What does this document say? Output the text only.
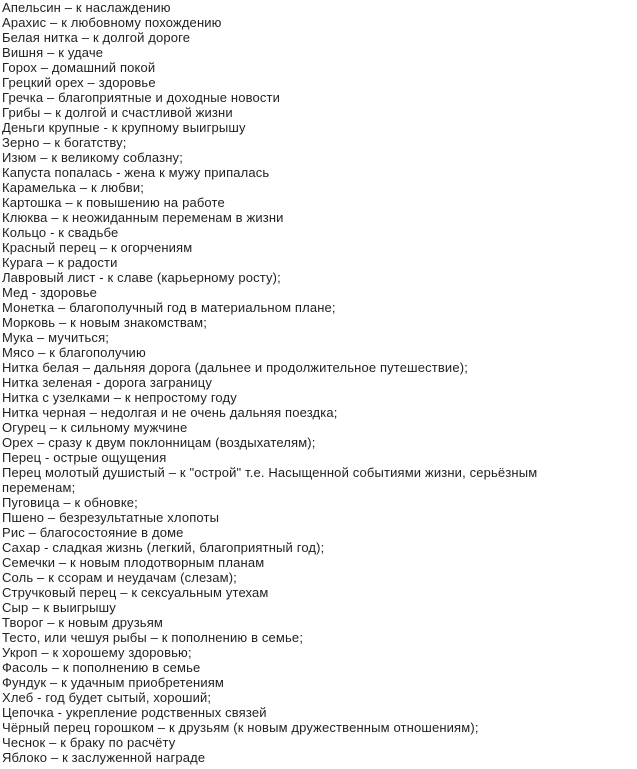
Апельсин – к наслаждению
Арахис – к любовному похождению
Белая нитка – к долгой дороге
Вишня – к удаче
Горох – домашний покой
Грецкий орех – здоровье
Гречка – благоприятные и доходные новости
Грибы – к долгой и счастливой жизни
Деньги крупные - к крупному выигрышу
Зерно – к богатству;
Изюм – к великому соблазну;
Капуста попалась - жена к мужу припалась
Карамелька – к любви;
Картошка – к повышению на работе
Клюква – к неожиданным переменам в жизни
Кольцо - к свадьбе
Красный перец – к огорчениям
Курага – к радости
Лавровый лист - к славе (карьерному росту);
Мед - здоровье
Монетка – благополучный год в материальном плане;
Морковь – к новым знакомствам;
Мука – мучиться;
Мясо – к благополучию
Нитка белая – дальняя дорога (дальнее и продолжительное путешествие);
Нитка зеленая - дорога заграницу
Нитка с узелками – к непростому году
Нитка черная – недолгая и не очень дальняя поездка;
Огурец – к сильному мужчине
Орех – сразу к двум поклонницам (воздыхателям);
Перец - острые ощущения
Перец молотый душистый – к "острой" т.е. Насыщенной событиями жизни, серьёзным
переменам;
Пуговица – к обновке;
Пшено – безрезультатные хлопоты
Рис – благосостояние в доме
Сахар - сладкая жизнь (легкий, благоприятный год);
Семечки – к новым плодотворным планам
Соль – к ссорам и неудачам (слезам);
Стручковый перец – к сексуальным утехам
Сыр – к выигрышу
Творог – к новым друзьям
Тесто, или чешуя рыбы – к пополнению в семье;
Укроп – к хорошему здоровью;
Фасоль – к пополнению в семье
Фундук – к удачным приобретениям
Хлеб - год будет сытый, хороший;
Цепочка - укрепление родственных связей
Чёрный перец горошком – к друзьям (к новым дружественным отношениям);
Чеснок – к браку по расчёту
Яблоко – к заслуженной награде
